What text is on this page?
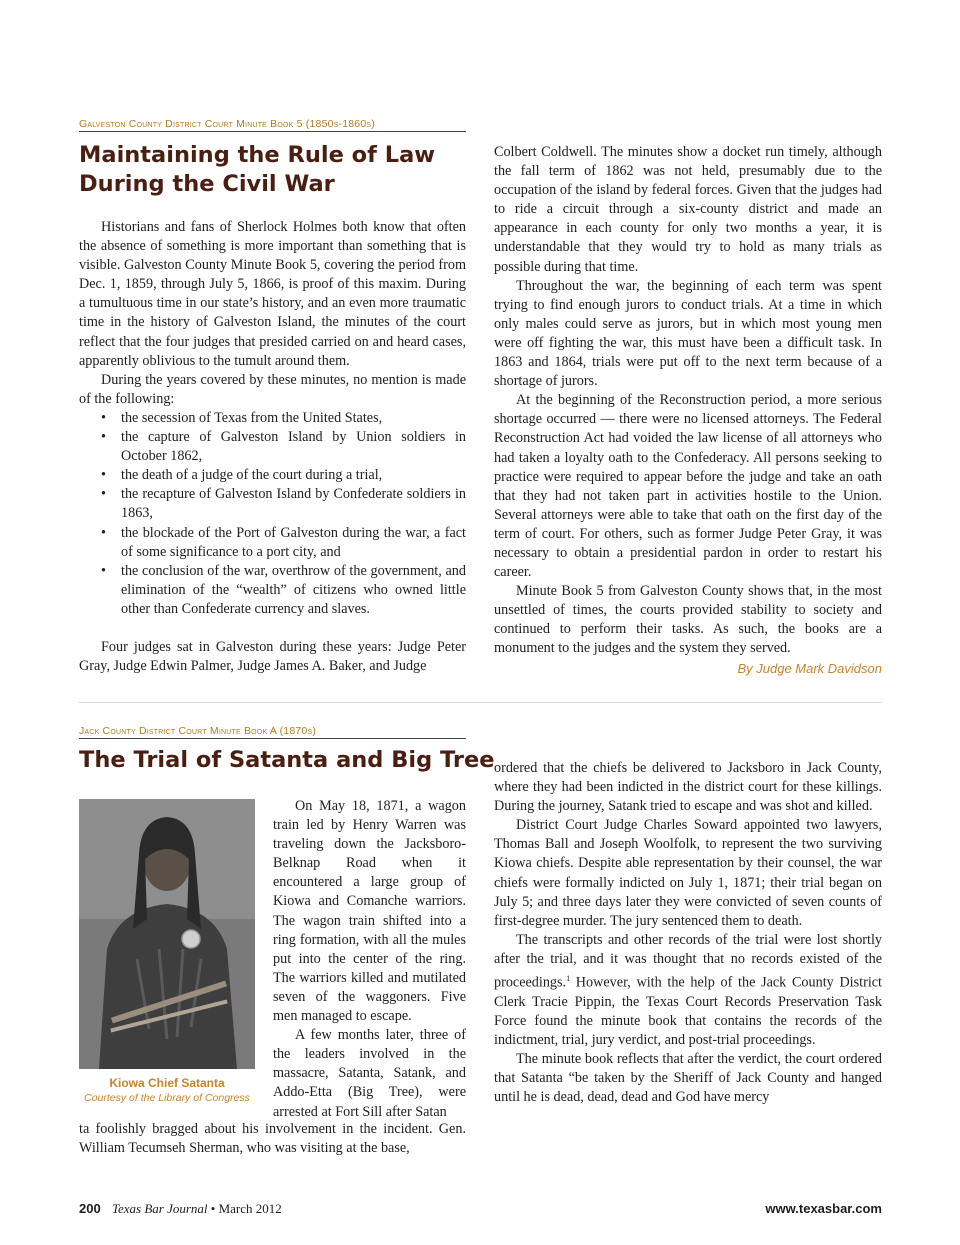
Galveston County District Court Minute Book 5 (1850s-1860s)
Maintaining the Rule of Law
During the Civil War

Historians and fans of Sherlock Holmes both know that often the absence of something is more important than something that is visible. Galveston County Minute Book 5, covering the period from Dec. 1, 1859, through July 5, 1866, is proof of this maxim. During a tumultuous time in our state’s history, and an even more traumatic time in the history of Galveston Island, the minutes of the court reflect that the four judges that presided carried on and heard cases, apparently oblivious to the tumult around them.

During the years covered by these minutes, no mention is made of the following:

• the secession of Texas from the United States,
• the capture of Galveston Island by Union soldiers in October 1862,
• the death of a judge of the court during a trial,
• the recapture of Galveston Island by Confederate soldiers in 1863,
• the blockade of the Port of Galveston during the war, a fact of some significance to a port city, and
• the conclusion of the war, overthrow of the government, and elimination of the “wealth” of citizens who owned little other than Confederate currency and slaves.

Four judges sat in Galveston during these years: Judge Peter Gray, Judge Edwin Palmer, Judge James A. Baker, and Judge

Colbert Coldwell. The minutes show a docket run timely, although the fall term of 1862 was not held, presumably due to the occupation of the island by federal forces. Given that the judges had to ride a circuit through a six-county district and made an appearance in each county for only two months a year, it is understandable that they would try to hold as many trials as possible during that time.

Throughout the war, the beginning of each term was spent trying to find enough jurors to conduct trials. At a time in which only males could serve as jurors, but in which most young men were off fighting the war, this must have been a difficult task. In 1863 and 1864, trials were put off to the next term because of a shortage of jurors.

At the beginning of the Reconstruction period, a more serious shortage occurred — there were no licensed attorneys. The Federal Reconstruction Act had voided the law license of all attorneys who had taken a loyalty oath to the Confederacy. All persons seeking to practice were required to appear before the judge and take an oath that they had not taken part in activities hostile to the Union. Several attorneys were able to take that oath on the first day of the term of court. For others, such as former Judge Peter Gray, it was necessary to obtain a presidential pardon in order to restart his career.

Minute Book 5 from Galveston County shows that, in the most unsettled of times, the courts provided stability to society and continued to perform their tasks. As such, the books are a monument to the judges and the system they served.

By Judge Mark Davidson
Jack County District Court Minute Book A (1870s)
The Trial of Satanta and Big Tree
Kiowa Chief Satanta
Courtesy of the Library of Congress

On May 18, 1871, a wagon train led by Henry Warren was traveling down the Jacksboro-Belknap Road when it encountered a large group of Kiowa and Comanche warriors. The wagon train shifted into a ring formation, with all the mules put into the center of the ring. The warriors killed and mutilated seven of the waggoners. Five men managed to escape.

A few months later, three of the leaders involved in the massacre, Satanta, Satank, and Addo-Etta (Big Tree), were arrested at Fort Sill after Satan

ta foolishly bragged about his involvement in the incident. Gen. William Tecumseh Sherman, who was visiting at the base,

ordered that the chiefs be delivered to Jacksboro in Jack County, where they had been indicted in the district court for these killings. During the journey, Satank tried to escape and was shot and killed.

District Court Judge Charles Soward appointed two lawyers, Thomas Ball and Joseph Woolfolk, to represent the two surviving Kiowa chiefs. Despite able representation by their counsel, the war chiefs were formally indicted on July 1, 1871; their trial began on July 5; and three days later they were convicted of seven counts of first-degree murder. The jury sentenced them to death.

The transcripts and other records of the trial were lost shortly after the trial, and it was thought that no records existed of the proceedings.$^1$ However, with the help of the Jack County District Clerk Tracie Pippin, the Texas Court Records Preservation Task Force found the minute book that contains the records of the indictment, trial, jury verdict, and post-trial proceedings.

The minute book reflects that after the verdict, the court ordered that Satanta “be taken by the Sheriff of Jack County and hanged until he is dead, dead, dead and God have mercy

200 Texas Bar Journal • March 2012	www.texasbar.com
